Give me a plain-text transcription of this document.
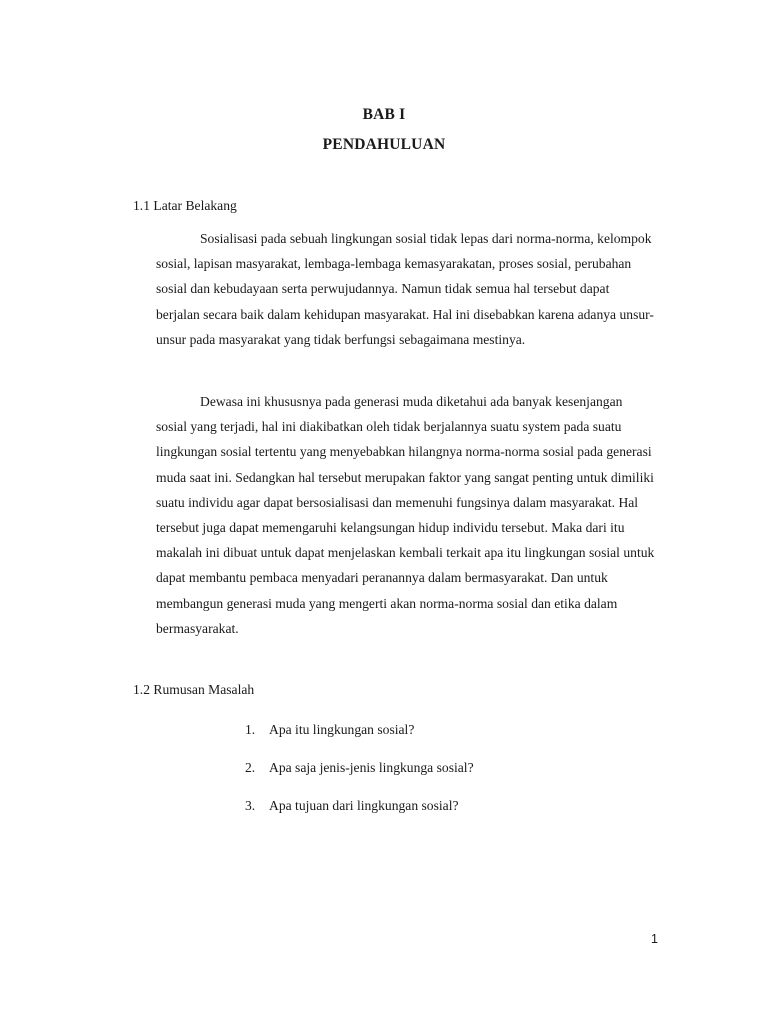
BAB I
PENDAHULUAN
1.1 Latar Belakang

Sosialisasi pada sebuah lingkungan sosial tidak lepas dari norma-norma, kelompok sosial, lapisan masyarakat, lembaga-lembaga kemasyarakatan, proses sosial, perubahan sosial dan kebudayaan serta perwujudannya. Namun tidak semua hal tersebut dapat berjalan secara baik dalam kehidupan masyarakat. Hal ini disebabkan karena adanya unsur-unsur pada masyarakat yang tidak berfungsi sebagaimana mestinya.

Dewasa ini khususnya pada generasi muda diketahui ada banyak kesenjangan sosial yang terjadi, hal ini diakibatkan oleh tidak berjalannya suatu system pada suatu lingkungan sosial tertentu yang menyebabkan hilangnya norma-norma sosial pada generasi muda saat ini. Sedangkan hal tersebut merupakan faktor yang sangat penting untuk dimiliki suatu individu agar dapat bersosialisasi dan memenuhi fungsinya dalam masyarakat. Hal tersebut juga dapat memengaruhi kelangsungan hidup individu tersebut. Maka dari itu makalah ini dibuat untuk dapat menjelaskan kembali terkait apa itu lingkungan sosial untuk dapat membantu pembaca menyadari peranannya dalam bermasyarakat. Dan untuk membangun generasi muda yang mengerti akan norma-norma sosial dan etika dalam bermasyarakat.

1.2 Rumusan Masalah
1. Apa itu lingkungan sosial?
2. Apa saja jenis-jenis lingkunga sosial?
3. Apa tujuan dari lingkungan sosial?
1
